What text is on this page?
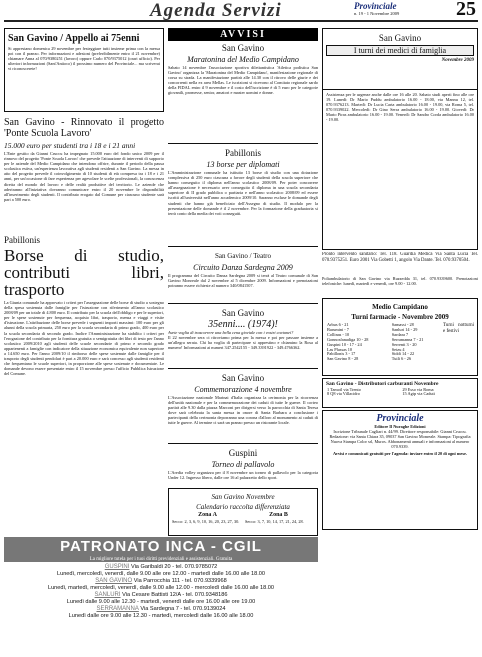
Agenda Servizi	Provinciale
n. 19 - 1 Novembre 2009	25
San Gavino / Appello ai 75enni
Si apprestano domenica 29 novembre per festeggiare tutti insieme prima con la messa poi con il pranzo. Per informazioni e adesioni (preferibilmente entro il 21 novembre) chiamare Anna al 070/9380251 (lavoro) oppure Carlo 070/9375012 (orari ufficio). Per ulteriori informazioni (Sant'Antioco) il prossimo numero del Provinciale... ma scriverai vi riconoscerete!
San Gavino - Rinnovato il progetto 'Ponte Scuola Lavoro'
15.000 euro per studenti tra i 18 e i 21 anni
L'Ente gestito da Gianni Cruccu ha impegnato 15.000 euro del fondo unico 2009 per il rinnovo del progetto 'Ponte Scuola Lavoro' che prevede l'attuazione di interventi di supporto per le aziende del Medio Campidano che intendono offrire, durante il periodo della pausa scolastica estiva, un'esperienza lavorativa agli studenti residenti a San Gavino. La messa in atto del progetto prevede il coinvolgimento di 10 studenti di età compresa tra i 18 e i 21 anni, per un'occasione di fare esperienza per agevolare le scelte professionali, la conoscenza diretta del mondo del lavoro e delle realtà produttive del territorio. Le aziende che aderiranno all'iniziativa dovranno comunicare entro il 20 novembre le disponibilità all'inserimento degli studenti. Il contributo erogato dal Comune per ciascuno studente sarà pari a 500 euro.
Pabillonis
Borse di studio, contributi libri, trasporto
La Giunta comunale ha approvato i criteri per l'assegnazione delle borse di studio a sostegno della spesa sostenuta dalle famiglie per l'istruzione con riferimento all'anno scolastico 2008/09 per un totale di 4.800 euro. Il contributo per la scuola dell'obbligo e per le superiori, per le spese sostenute per frequenza, acquisto libri, trasporto, mensa e viaggi e visite d'istruzione. L'attribuzione delle borse prevede i seguenti importi massimi: 100 euro per gli alunni della scuola primaria, 250 euro per la scuola secondaria di primo grado, 400 euro per la scuola secondaria di secondo grado. Inoltre l'Amministrazione ha stabilito i criteri per l'erogazione del contributo per la fornitura gratuita o semigratuita dei libri di testo per l'anno scolastico 2009/2010 agli studenti delle scuole secondarie di primo e secondo grado appartenenti a famiglie con indicatore della situazione economica equivalente non superiore a 14.650 euro. Per l'anno 2009/10 il rimborso delle spese sostenute dalle famiglie per il trasporto degli studenti pendolari è pari a 20.000 euro e sarà concesso agli studenti residenti che frequentano le scuole superiori, in proporzione alle spese sostenute e documentate. Le domande devono essere presentate entro il 15 novembre presso l'ufficio Pubblica Istruzione del Comune.
AVVISI
San Gavino
Maratonina del Medio Campidano
Sabato 14 novembre l'associazione sportiva dilettantistica 'Atletica podistica San Gavino' organizza la 'Maratonina del Medio Campidano', manifestazione regionale di corsa su strada. La manifestazione partirà alle 14.30 con il ritrovo delle giurie e dei concorrenti nella ex area Mellas. Le iscrizioni si ricevono al Comitato regionale sardo della FIDAL entro il 9 novembre e il costo dell'iscrizione è di 5 euro per le categorie giovanili, promesse, senior, amatori e master uomini e donne.
Pabillonis
13 borse per diplomati
L'Amministrazione comunale ha istituito 13 borse di studio con una dotazione complessiva di 250 euro ciascuna a favore degli studenti della scuola superiore che hanno conseguito il diploma nell'anno scolastico 2008/09. Per poter concorrere all'assegnazione è necessario aver conseguito il diploma in una scuola secondaria superiore di II grado pubblica o paritaria e nell'anno scolastico 2008/09 ed essere iscritti all'università nell'anno accademico 2009/10. Saranno escluse le domande degli studenti che hanno già beneficiato dell'Assegno di studio. Il modulo per la presentazione delle domande è il 2 novembre. Per la formazione della graduatoria si terrà conto della media dei voti conseguiti.
San Gavino / Teatro
Circuito Danza Sardegna 2009
Il programma del Circuito Danza Sardegna 2009 si terrà al Teatro comunale di San Gavino Monreale dal 2 novembre al 5 dicembre 2009. Informazioni e prenotazioni potranno essere richieste al numero 340/0841507.
San Gavino
35enni.... (1974)!
Avete voglia di trascorrere una bella cena gioviale con i vostri coetanei?
Il 22 novembre sera ci ritroviamo prima per la messa e poi per passare insieme a un'allegra serata. Chi ha voglia di partecipare si apprestino e chiamino la Rosa al numero! Informazioni ai numeri 347.2542155 - 349.3391922 - 349.4766362.
San Gavino
Commemorazione 4 novembre
L'Associazione nazionale Marinai d'Italia organizza la cerimonia per la ricorrenza dell'unità nazionale e per la commemorazione dei caduti di tutte le guerre. Il corteo partirà alle 9.30 dalla piazza Marconi per dirigersi verso la parrocchia di Santa Teresa dove sarà celebrata la santa messa in onore di Santa Barbara a conclusione i partecipanti della cerimonia deporranno una corona d'alloro al monumento ai caduti di tutte le guerre. Al termine ci sarà un pranzo presso un ristorante locale.
Guspini
Torneo di pallavolo
L'Aredia volley organizza per il 8 novembre un torneo di pallavolo per la categoria Under 12. Ingresso libero, dalle ore 16 al palazzetto dello sport.
San Gavino Novembre
Calendario raccolta differenziata
Zona A	Zona B
Secco: 2, 3, 6, 9, 10, 16, 20, 23, 27, 30.	Secco: 3, 7, 10, 14, 17, 21, 24, 28.
San Gavino
I turni dei medici di famiglia
Novembre 2009
Assistenza per le urgenze anche dalle ore 16 alle 20. Sabato studi aperti fino alle ore 19. Lunedì: Dr Mario Puddu ambulatorio 16.00 - 18.00, via Mannu 12, tel. 070.9376213. Martedì: Dr Lucia Carta ambulatorio 16.00 - 19.00, via Roma 5, tel. 070.9339022. Mercoledì: Dr Gino Serra ambulatorio 16.00 - 19.00. Giovedì: Dr Mario Piras ambulatorio 16.00 - 19.00. Venerdì: Dr Sandro Corda ambulatorio 16.00 - 19.00.
Pronto intervento sanitario: Tel. 118. Guardia Medica Via Santa Lucia Tel. 070.9375251. Euro 2001 Via Gobetti 1, angolo Via Dante. Tel. 070.9370504.
Poliambulatorio di San Gavino via Ruzzedda 31, tel. 070.9339600. Prenotazioni telefoniche: lunedì, martedì e venerdì, ore 9.00 - 12.00.
Medio Campidano
Turni farmacie - Novembre 2009
Arbus 6 - 21	Samassi - 28
Barumini - 7	Sanluri 14 - 29
Collinas - 10	Sardara 7
Gonnosfanadiga 10 - 28	Serramanna 7 - 21
Guspini 10 - 17 - 24	Serrenti 3 - 20
Las Plassas 10	Setzu 4
Pabillonis 3 - 17	Siddi 14 - 22
San Gavino 8 - 28	Tuili 6 - 26
Turni notturni e festivi
San Gavino - Distributori carburanti Novembre
1 Tamoil via Trento	29 Esso via Roma
8 Q8 via Villacidro	15 Agip via Caduti
Provinciale
Editore Il Nuraghe Edizioni
Iscrizione Tribunale Cagliari n. 44/99. Direttore responsabile: Gianni Cruccu. Redazione: via Santa Chiara 35, 09037 San Gavino Monreale. Stampa: Tipografia Nuova Stampa Color srl, Muros. Abbonamenti annuali e informazioni al numero 070.9339.
Avvisi e comunicati gratuiti per l'agenda: inviare entro il 20 di ogni mese.
PATRONATO INCA - CGIL
La migliore tutela per i tuoi diritti previdenziali e assistenziali. Gratuita
GUSPINI Via Garibaldi 20 - tel. 070.9785072
Lunedì, mercoledì, venerdì, dalle 9.00 alle ore 12.00 - martedì dalle 16.00 alle 18.00
SAN GAVINO Via Parrocchia 111 - tel. 070.9339968
Lunedì, martedì, mercoledì, venerdì, dalle 9.00 alle 12.00 - mercoledì dalle 16.00 alle 18.00
SANLURI Via Cesare Battisti 12/A - tel. 070.9348186
Lunedì dalle 9.00 alle 12.30 - martedì, venerdì dalle ore 16.00 alle ore 19.00
SERRAMANNA Via Sardegna 7 - tel. 070.9139024
Lunedì dalle ore 9.00 alle 12.30 - martedì, mercoledì dalle 16.00 alle 18.00
